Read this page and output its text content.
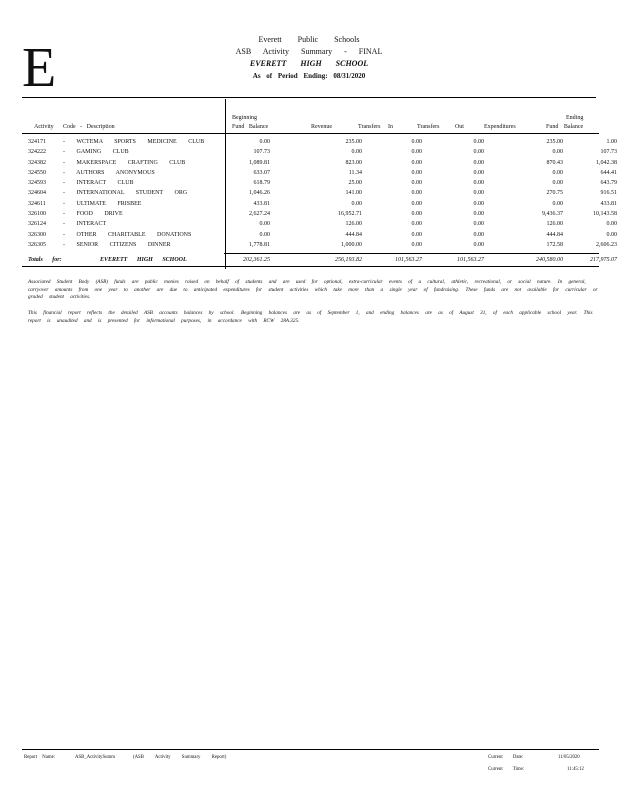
E	Everett Public Schools
ASB Activity Summary - FINAL
EVERETT HIGH SCHOOL
As of Period Ending: 08/31/2020
Activity Code - Description
Beginning
Fund Balance	Revenue	Transfers In	Transfers Out	Expenditures
Ending
Fund Balance
324171	- WCTEMA SPORTS MEDICINE CLUB	0.00	235.00	0.00	0.00	235.00	1.00
324222	- GAMING CLUB	107.73	0.00	0.00	0.00	0.00	107.73
324382	- MAKERSPACE CRAFTING CLUB	1,089.81	823.00	0.00	0.00	870.43	1,042.38
324550	- AUTHORS ANONYMOUS	633.07	11.34	0.00	0.00	0.00	644.41
324593	- INTERACT CLUB	618.79	25.00	0.00	0.00	0.00	643.79
324604	- INTERNATIONAL STUDENT ORG	1,046.26	141.00	0.00	0.00	270.75	916.51
324611	- ULTIMATE FRISBEE	433.81	0.00	0.00	0.00	0.00	433.81
326100	- FOOD DRIVE	2,627.24	16,952.71	0.00	0.00	9,436.37	10,143.58
326124	- INTERACT	0.00	126.00	0.00	0.00	126.00	0.00
326300	- OTHER CHARITABLE DONATIONS	0.00	444.84	0.00	0.00	444.84	0.00
326305	- SENIOR CITIZENS DINNER	1,778.81	1,000.00	0.00	0.00	172.58	2,606.23
Totals for:	EVERETT HIGH SCHOOL	202,361.25	256,193.82	101,563.27	101,563.27	240,580.00	217,975.07
Associated Student Body (ASB) funds are public monies raised on behalf of students and are used for optional, extra-curricular events of a cultural, athletic, recreational, or social nature. In general, carryover amounts from one year to another are due to anticipated expenditures for student activities which take more than a single year of fundraising. These funds are not available for curricular or graded student activities.
This financial report reflects the detailed ASB accounts balances by school. Beginning balances are as of September 1, and ending balances are as of August 31, of each applicable school year. This report is unaudited and is presented for informational purposes, in accordance with RCW 28A.325.
Report Name:	ASB_ActivitySumm	(ASB Activity Summary Report)	Current Date:	11/05/2020
Current Time:	11:45:12
